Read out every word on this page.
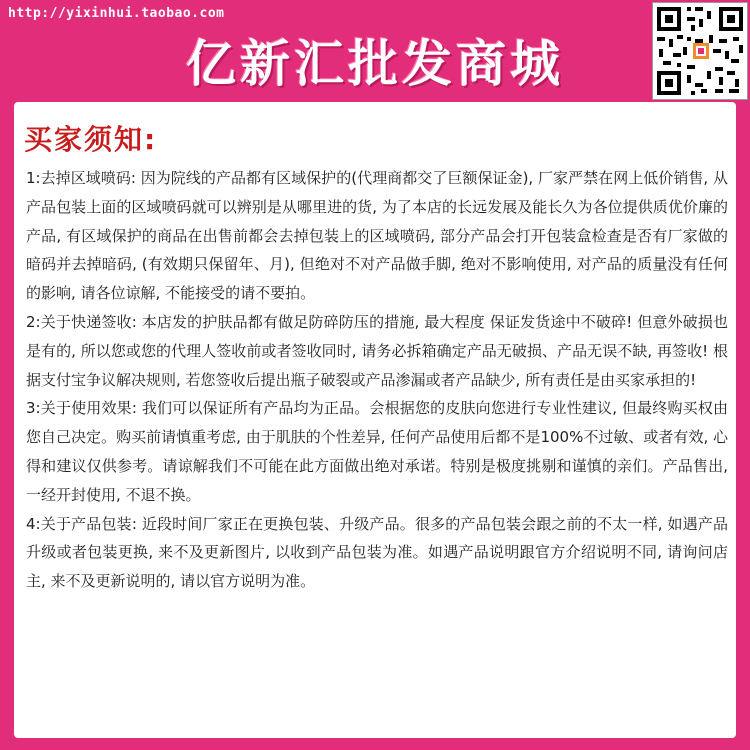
http://yixinhui.taobao.com
亿新汇批发商城
买家须知:

1:去掉区域喷码: 因为院线的产品都有区域保护的(代理商都交了巨额保证金), 厂家严禁在网上低价销售, 从产品包装上面的区域喷码就可以辨别是从哪里进的货, 为了本店的长远发展及能长久为各位提供质优价廉的产品, 有区域保护的商品在出售前都会去掉包装上的区域喷码, 部分产品会打开包装盒检查是否有厂家做的暗码并去掉暗码, (有效期只保留年、月), 但绝对不对产品做手脚, 绝对不影响使用, 对产品的质量没有任何的影响, 请各位谅解, 不能接受的请不要拍。

2:关于快递签收: 本店发的护肤品都有做足防碎防压的措施, 最大程度 保证发货途中不破碎! 但意外破损也是有的, 所以您或您的代理人签收前或者签收同时, 请务必拆箱确定产品无破损、产品无误不缺, 再签收! 根据支付宝争议解决规则, 若您签收后提出瓶子破裂或产品渗漏或者产品缺少, 所有责任是由买家承担的!

3:关于使用效果: 我们可以保证所有产品均为正品。会根据您的皮肤向您进行专业性建议, 但最终购买权由您自己决定。购买前请慎重考虑, 由于肌肤的个性差异, 任何产品使用后都不是100%不过敏、或者有效, 心得和建议仅供参考。请谅解我们不可能在此方面做出绝对承诺。特别是极度挑剔和谨慎的亲们。产品售出, 一经开封使用, 不退不换。

4:关于产品包装: 近段时间厂家正在更换包装、升级产品。很多的产品包装会跟之前的不太一样, 如遇产品升级或者包装更换, 来不及更新图片, 以收到产品包装为准。如遇产品说明跟官方介绍说明不同, 请询问店主, 来不及更新说明的, 请以官方说明为准。
